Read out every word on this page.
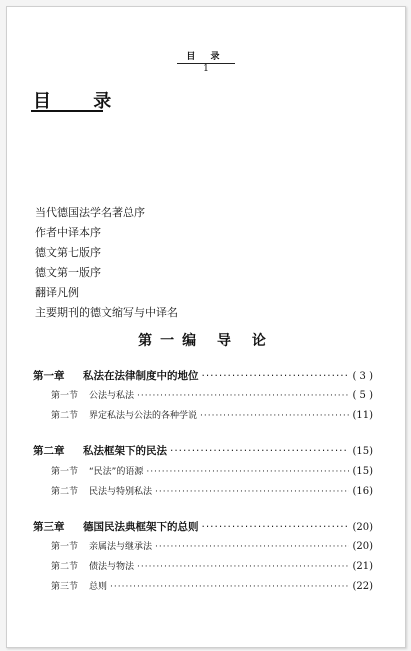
目 录
1
目 录
当代德国法学名著总序
作者中译本序
德文第七版序
德文第一版序
翻译凡例
主要期刊的德文缩写与中译名
第一编 导 论
第一章 私法在法律制度中的地位 ·····	( 3 )
第一节 公法与私法 ·····	( 5 )
第二节 界定私法与公法的各种学说 ·····	(11)
第二章 私法框架下的民法 ·····	(15)
第一节 “民法”的语源 ·····	(15)
第二节 民法与特别私法 ·····	(16)
第三章 德国民法典框架下的总则 ·····	(20)
第一节 亲属法与继承法 ·····	(20)
第二节 债法与物法 ·····	(21)
第三节 总则 ·····	(22)
